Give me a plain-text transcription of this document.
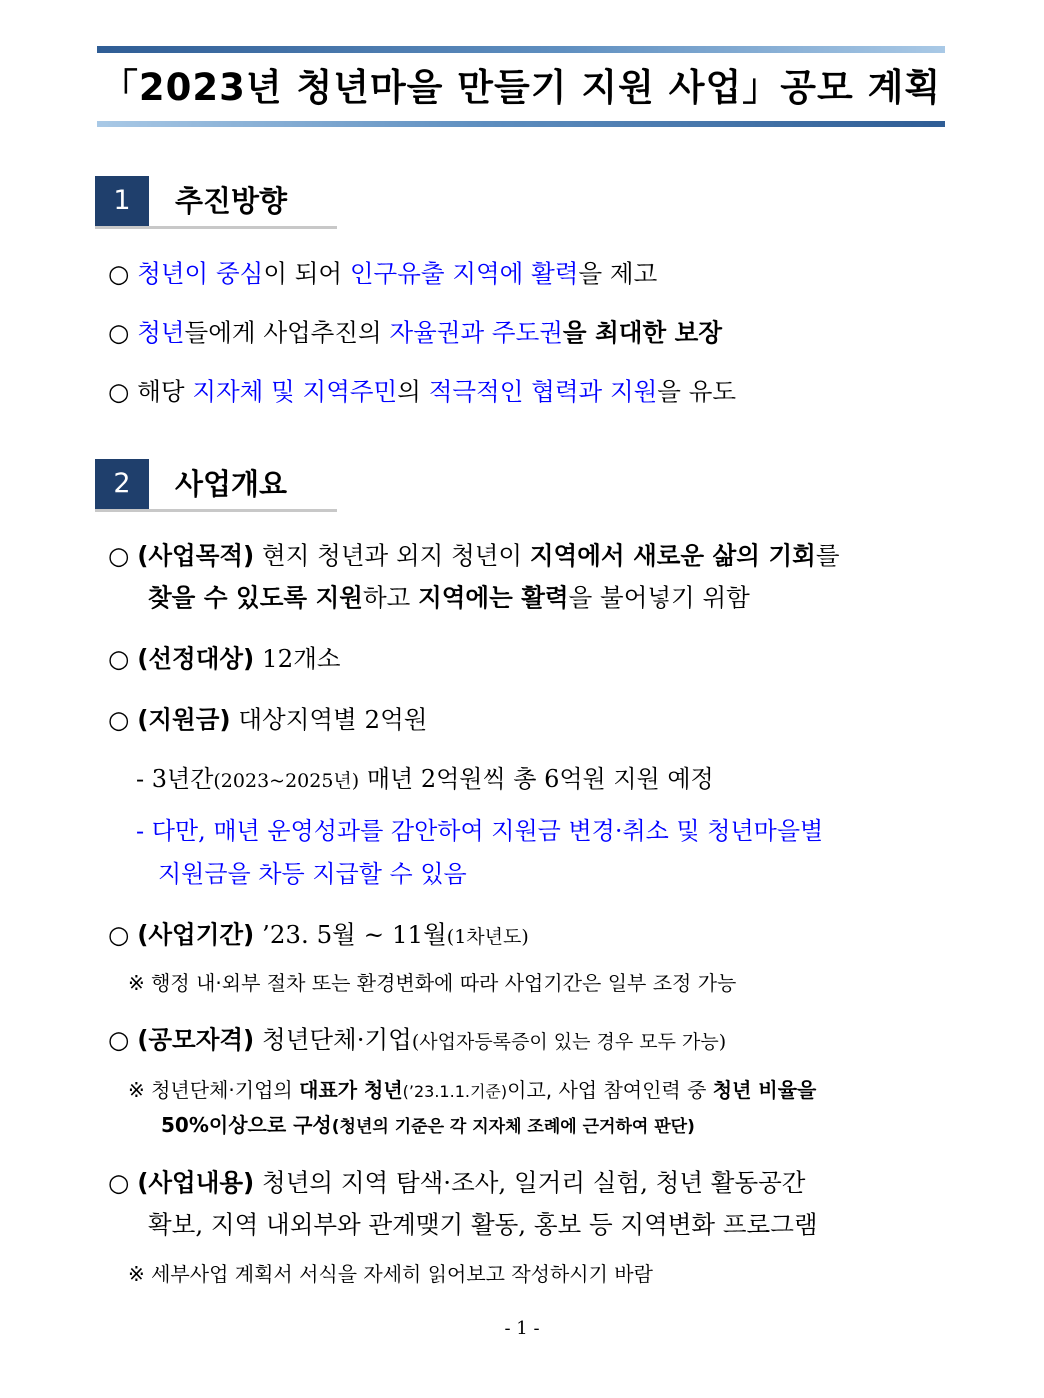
「2023년 청년마을 만들기 지원 사업」공모 계획
1	추진방향
○ 청년이 중심이 되어 인구유출 지역에 활력을 제고
○ 청년들에게 사업추진의 자율권과 주도권을 최대한 보장
○ 해당 지자체 및 지역주민의 적극적인 협력과 지원을 유도
2	사업개요
○ (사업목적) 현지 청년과 외지 청년이 지역에서 새로운 삶의 기회를
찾을 수 있도록 지원하고 지역에는 활력을 불어넣기 위함
○ (선정대상) 12개소
○ (지원금) 대상지역별 2억원
- 3년간(2023~2025년) 매년 2억원씩 총 6억원 지원 예정
- 다만, 매년 운영성과를 감안하여 지원금 변경·취소 및 청년마을별
지원금을 차등 지급할 수 있음
○ (사업기간) ’23. 5월 ~ 11월(1차년도)
※ 행정 내·외부 절차 또는 환경변화에 따라 사업기간은 일부 조정 가능
○ (공모자격) 청년단체·기업(사업자등록증이 있는 경우 모두 가능)
※ 청년단체·기업의 대표가 청년(’23.1.1.기준)이고, 사업 참여인력 중 청년 비율을
50%이상으로 구성(청년의 기준은 각 지자체 조례에 근거하여 판단)
○ (사업내용) 청년의 지역 탐색·조사, 일거리 실험, 청년 활동공간
확보, 지역 내외부와 관계맺기 활동, 홍보 등 지역변화 프로그램
※ 세부사업 계획서 서식을 자세히 읽어보고 작성하시기 바람
- 1 -
